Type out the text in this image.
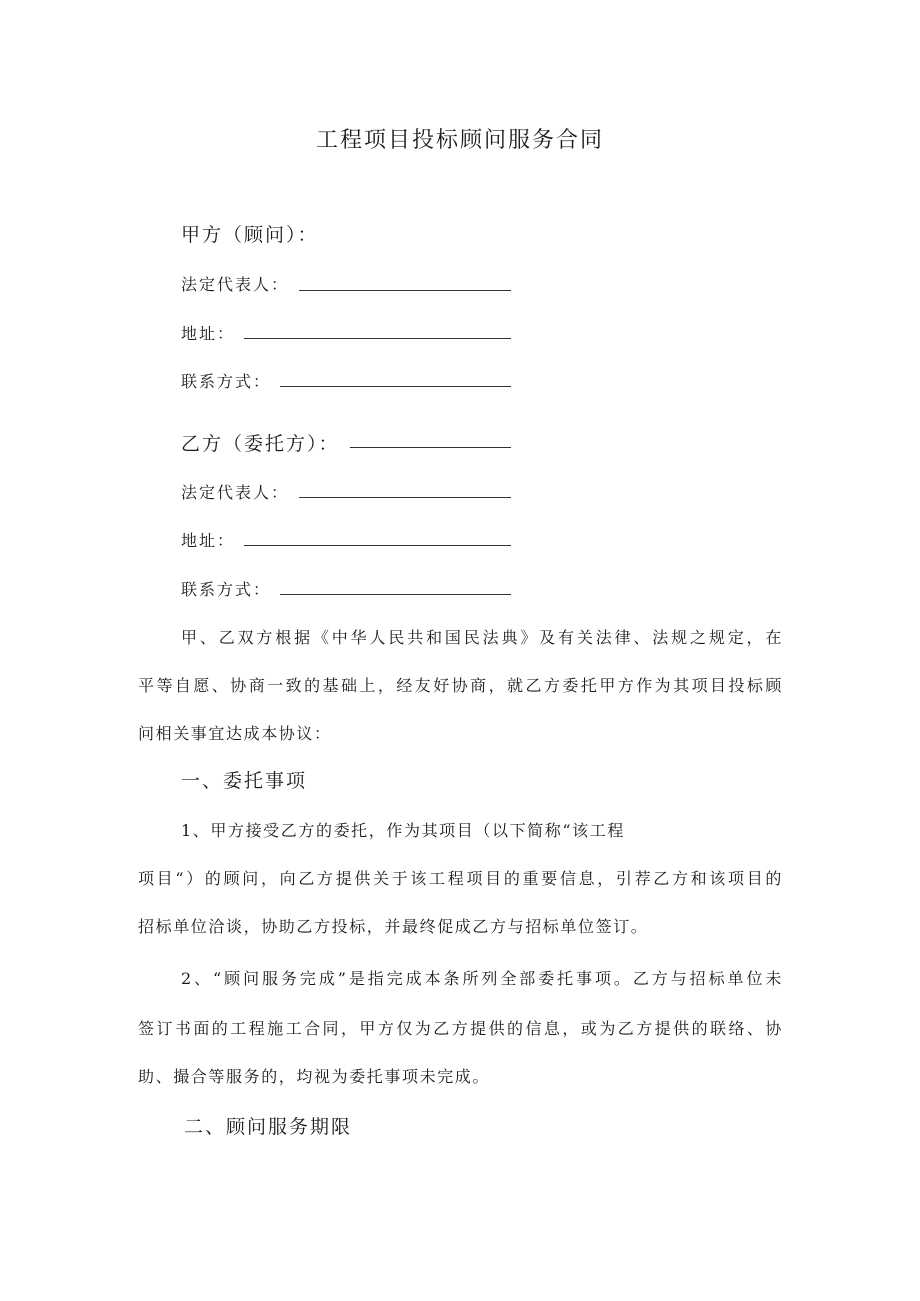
工程项目投标顾问服务合同
甲方（顾问）：
法定代表人：
地址：
联系方式：
乙方（委托方）：
法定代表人：
地址：
联系方式：
甲、乙双方根据《中华人民共和国民法典》及有关法律、法规之规定，在
平等自愿、协商一致的基础上，经友好协商，就乙方委托甲方作为其项目投标顾
问相关事宜达成本协议：
一、委托事项
1、甲方接受乙方的委托，作为其项目（以下简称“该工程
项目“）的顾问，向乙方提供关于该工程项目的重要信息，引荐乙方和该项目的
招标单位洽谈，协助乙方投标，并最终促成乙方与招标单位签订。
2、“顾问服务完成”是指完成本条所列全部委托事项。乙方与招标单位未
签订书面的工程施工合同，甲方仅为乙方提供的信息，或为乙方提供的联络、协
助、撮合等服务的，均视为委托事项未完成。
二、顾问服务期限
